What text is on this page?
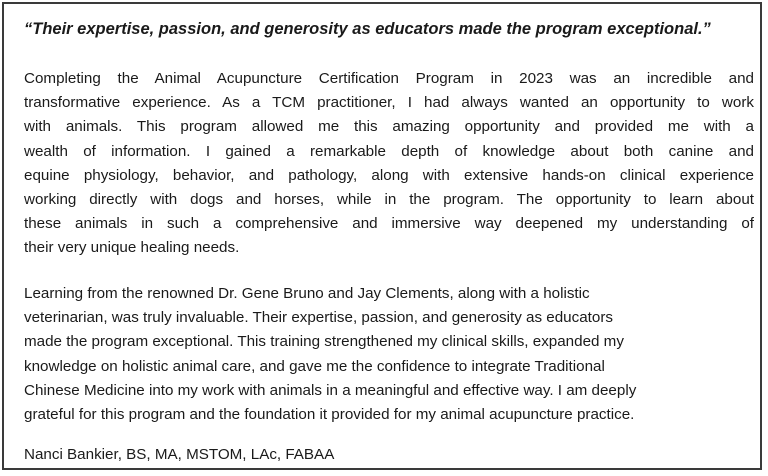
“Their expertise, passion, and generosity as educators made the program exceptional.”
Completing the Animal Acupuncture Certification Program in 2023 was an incredible and
transformative experience. As a TCM practitioner, I had always wanted an opportunity to work
with animals. This program allowed me this amazing opportunity and provided me with a
wealth of information. I gained a remarkable depth of knowledge about both canine and
equine physiology, behavior, and pathology, along with extensive hands-on clinical experience
working directly with dogs and horses, while in the program. The opportunity to learn about
these animals in such a comprehensive and immersive way deepened my understanding of
their very unique healing needs.
Learning from the renowned Dr. Gene Bruno and Jay Clements, along with a holistic
veterinarian, was truly invaluable. Their expertise, passion, and generosity as educators
made the program exceptional. This training strengthened my clinical skills, expanded my
knowledge on holistic animal care, and gave me the confidence to integrate Traditional
Chinese Medicine into my work with animals in a meaningful and effective way. I am deeply
grateful for this program and the foundation it provided for my animal acupuncture practice.
Nanci Bankier, BS, MA, MSTOM, LAc, FABAA
